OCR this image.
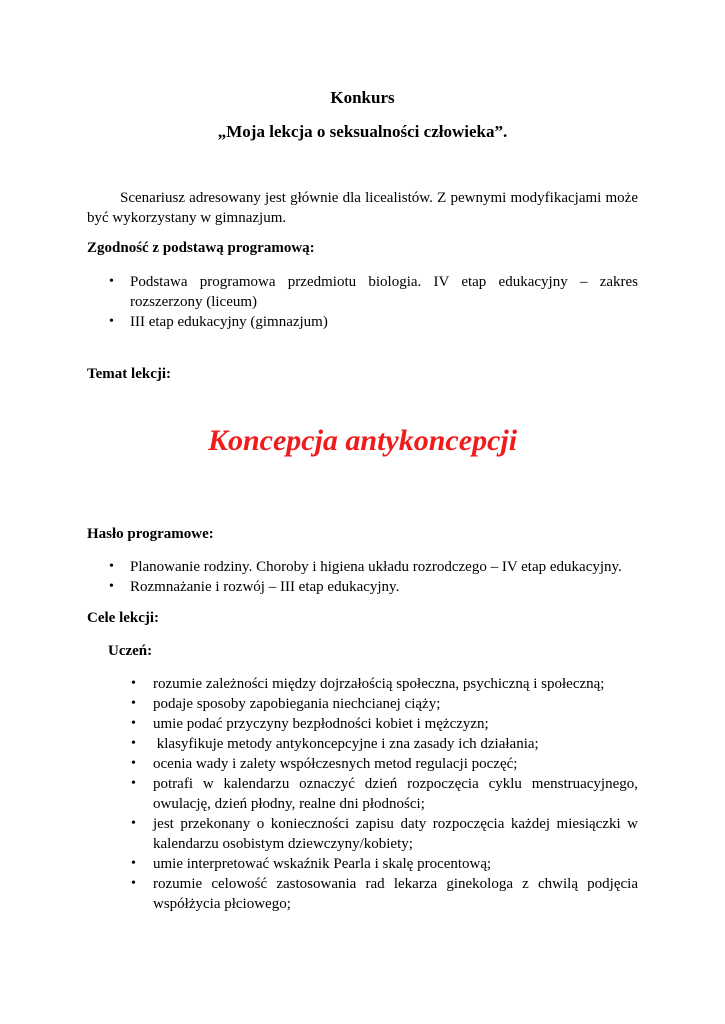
Konkurs
„Moja lekcja o seksualności człowieka”.
Scenariusz adresowany jest głównie dla licealistów. Z pewnymi modyfikacjami może być wykorzystany w gimnazjum.
Zgodność z podstawą programową:
• Podstawa programowa przedmiotu biologia. IV etap edukacyjny – zakres rozszerzony (liceum)
• III etap edukacyjny (gimnazjum)
Temat lekcji:
Koncepcja antykoncepcji
Hasło programowe:
• Planowanie rodziny. Choroby i higiena układu rozrodczego – IV etap edukacyjny.
• Rozmnażanie i rozwój – III etap edukacyjny.
Cele lekcji:
Uczeń:
• rozumie zależności między dojrzałością społeczna, psychiczną i społeczną;
• podaje sposoby zapobiegania niechcianej ciąży;
• umie podać przyczyny bezpłodności kobiet i mężczyzn;
• klasyfikuje metody antykoncepcyjne i zna zasady ich działania;
• ocenia wady i zalety współczesnych metod regulacji poczęć;
• potrafi w kalendarzu oznaczyć dzień rozpoczęcia cyklu menstruacyjnego, owulację, dzień płodny, realne dni płodności;
• jest przekonany o konieczności zapisu daty rozpoczęcia każdej miesiączki w kalendarzu osobistym dziewczyny/kobiety;
• umie interpretować wskaźnik Pearla i skalę procentową;
• rozumie celowość zastosowania rad lekarza ginekologa z chwilą podjęcia współżycia płciowego;
